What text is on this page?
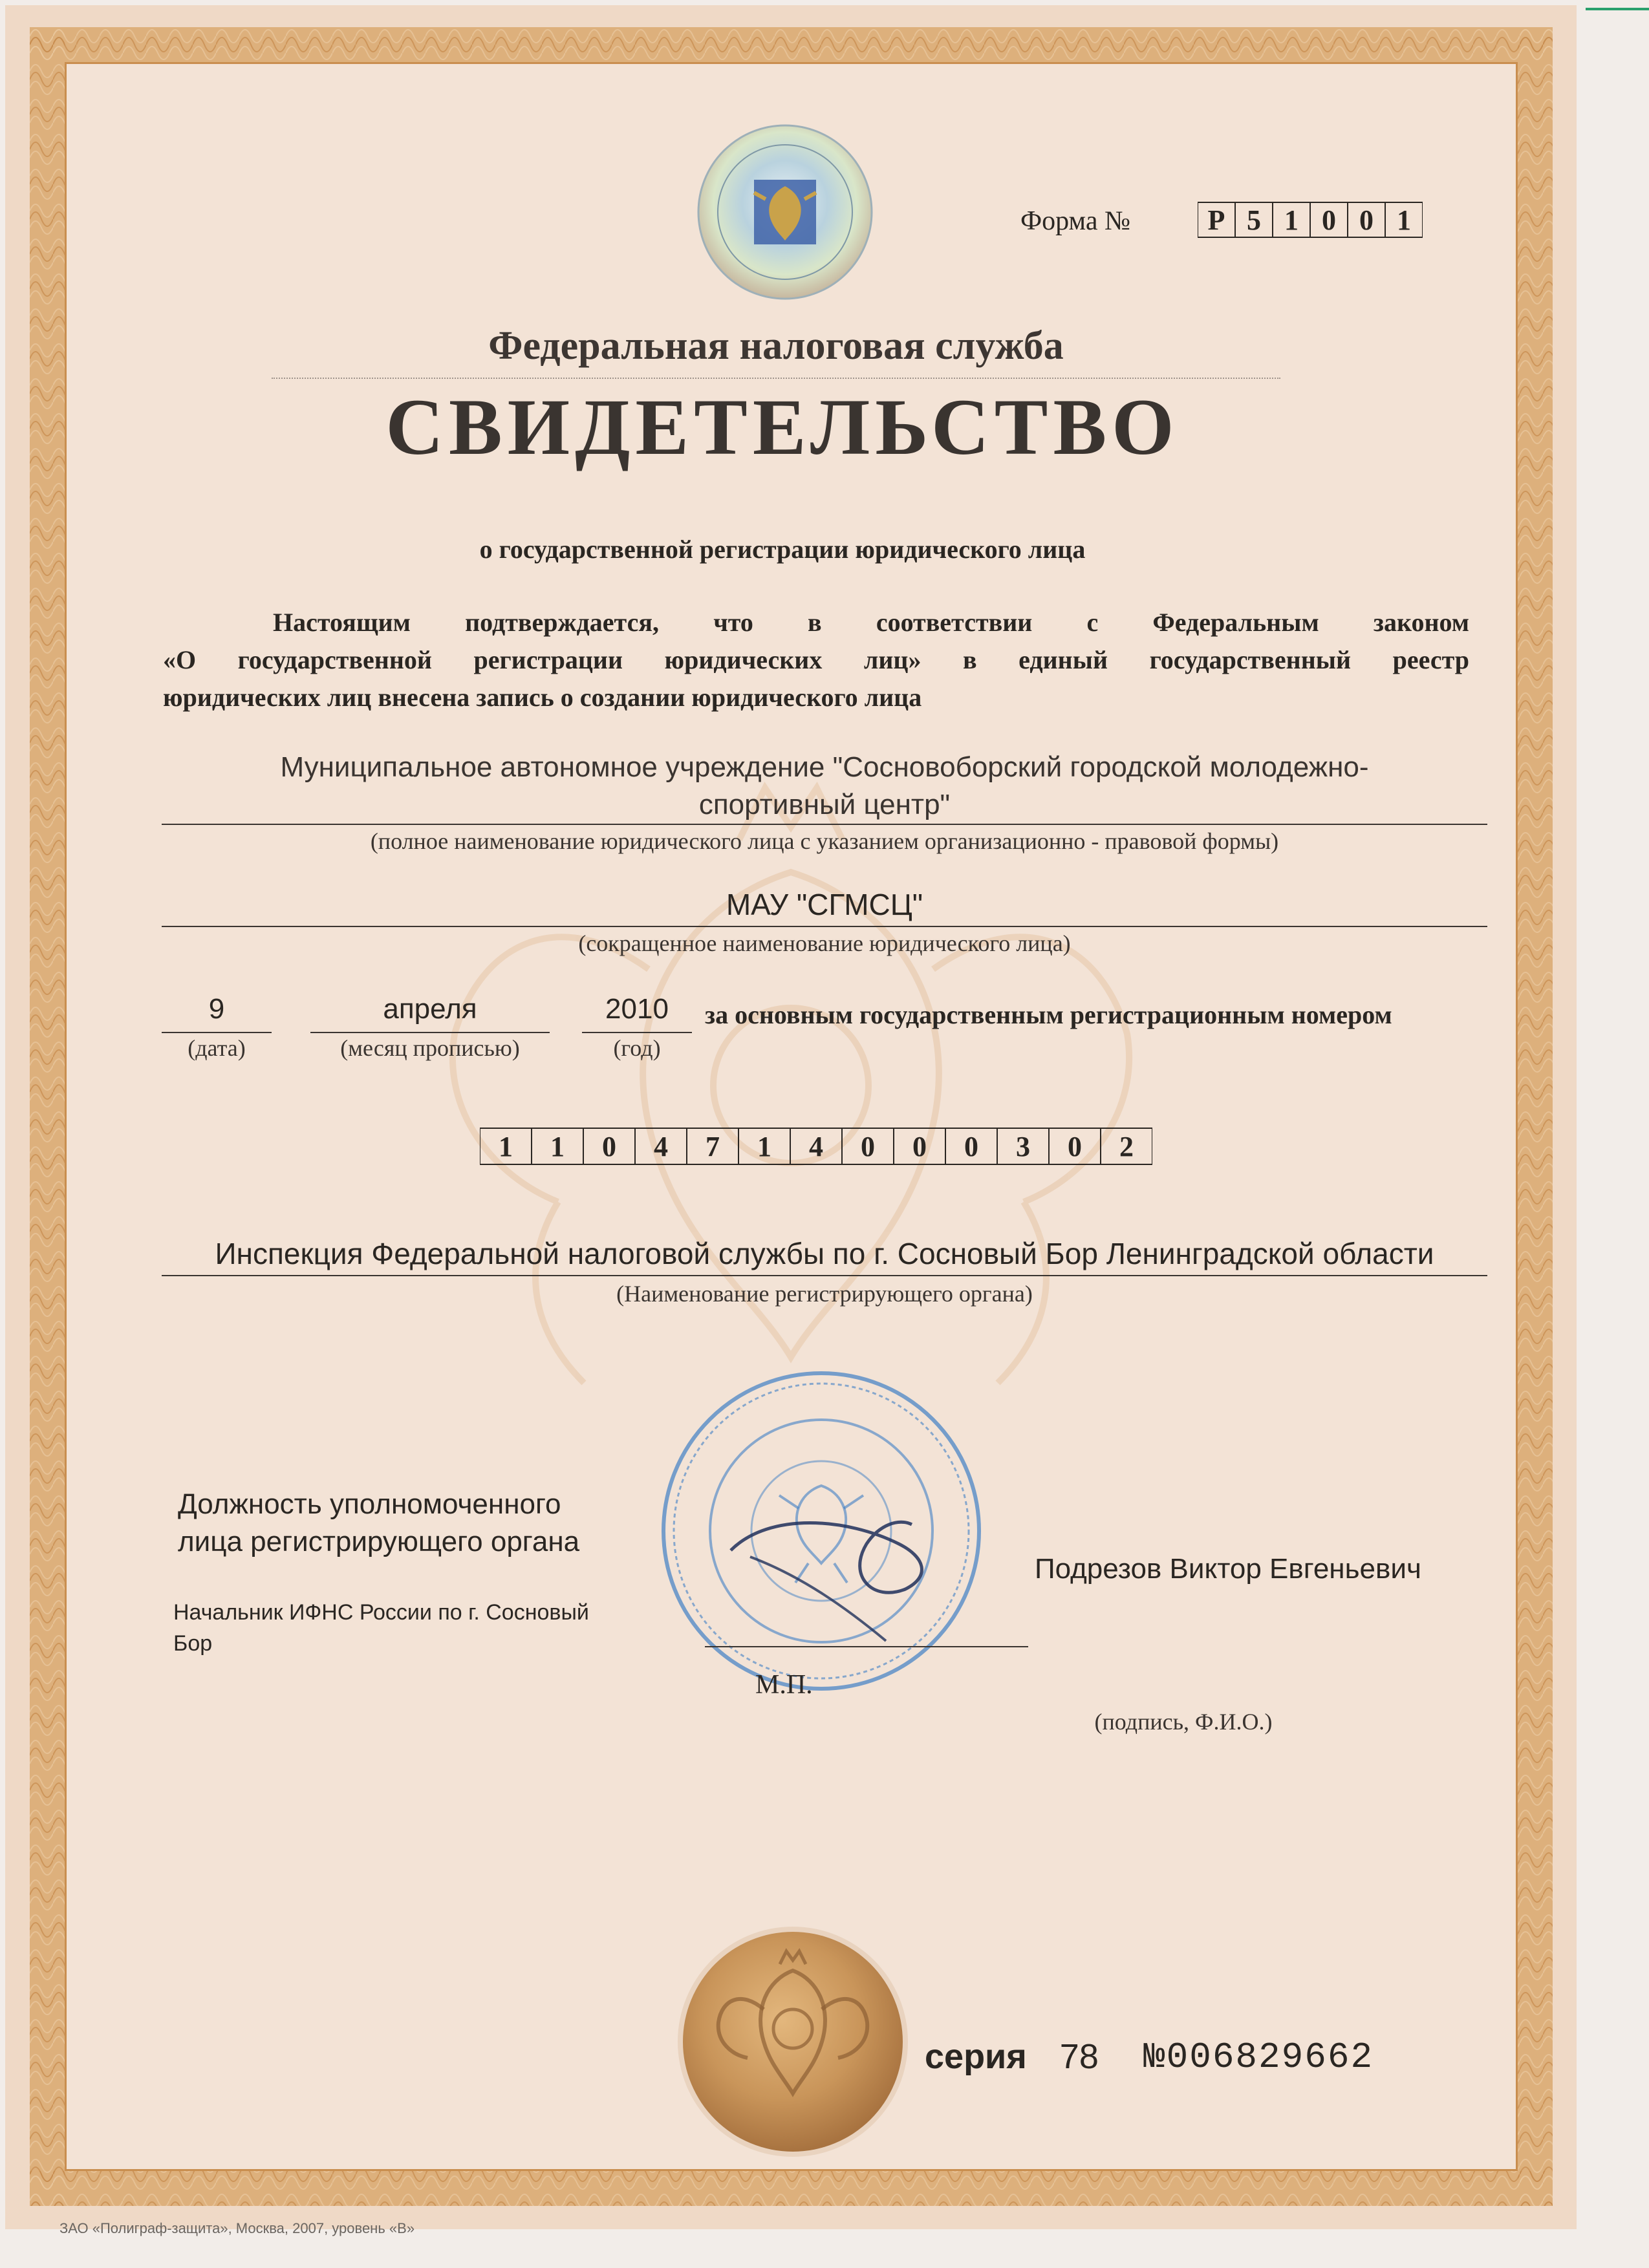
Форма №	Р 5 1 0 0 1
Федеральная налоговая служба
СВИДЕТЕЛЬСТВО
о государственной регистрации юридического лица

Настоящим подтверждается, что в соответствии с Федеральным законом

«О государственной регистрации юридических лиц» в единый государственный реестр

юридических лиц внесена запись о создании юридического лица

Муниципальное автономное учреждение "Сосновоборский городской молодежно-
спортивный центр"
(полное наименование юридического лица с указанием организационно - правовой формы)
МАУ "СГМСЦ"
(сокращенное наименование юридического лица)
9
(дата)
апреля
(месяц прописью)
2010
(год)
за основным государственным регистрационным номером
1	1	0	4	7	1	4	0	0	0	3	0	2
Инспекция Федеральной налоговой службы по г. Сосновый Бор Ленинградской области
(Наименование регистрирующего органа)
Должность уполномоченного
лица регистрирующего органа
Начальник ИФНС России по г. Сосновый
Бор
Подрезов Виктор Евгеньевич
М.П.
(подпись, Ф.И.О.)
серия 78 №006829662
ЗАО «Полиграф-защита», Москва, 2007, уровень «В»
